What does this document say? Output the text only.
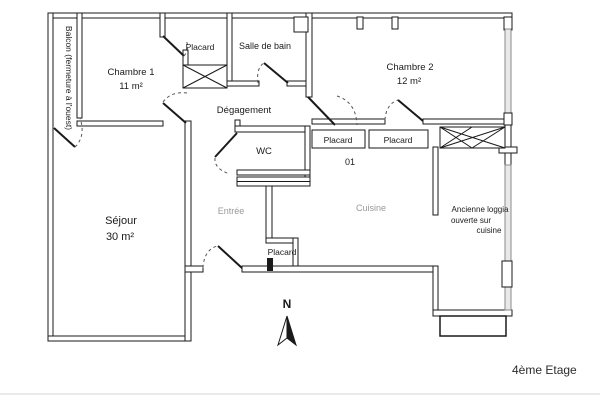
Balcon (fermeture à l'ouest)	Chambre 1
11 m²
Placard	Salle de bain
Chambre 2
12 m²
Dégagement
WC
Placard	Placard
01
Séjour
30 m²
Entrée	Cuisine	Ancienne loggia
ouverte sur
cuisine
Placard
4ème Etage
N
